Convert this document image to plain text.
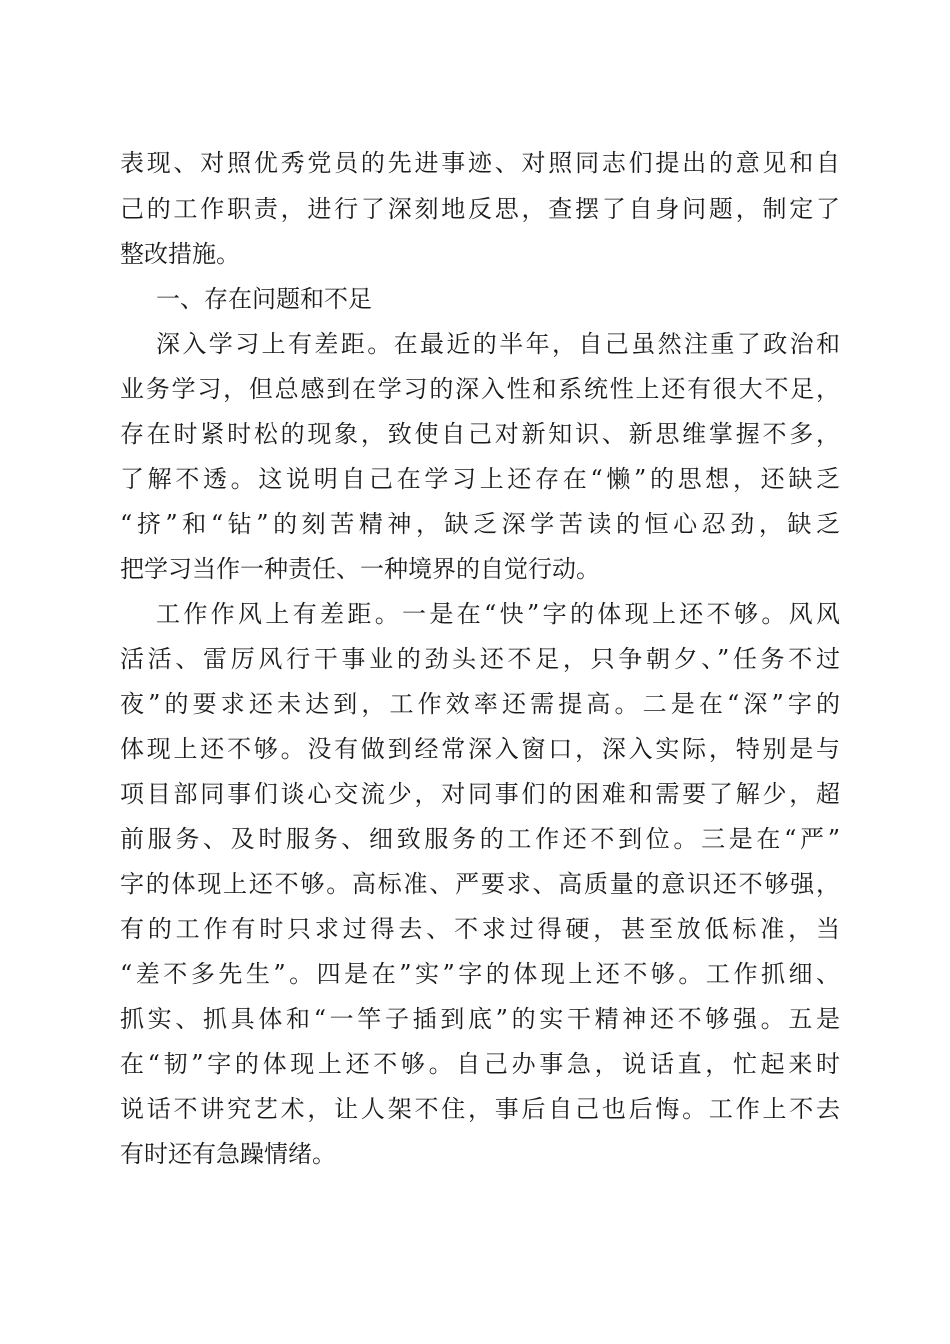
表现、对照优秀党员的先进事迹、对照同志们提出的意见和自
己的工作职责，进行了深刻地反思，查摆了自身问题，制定了
整改措施。
一、存在问题和不足
深入学习上有差距。在最近的半年，自己虽然注重了政治和
业务学习，但总感到在学习的深入性和系统性上还有很大不足，
存在时紧时松的现象，致使自己对新知识、新思维掌握不多，
了解不透。这说明自己在学习上还存在“懒”的思想，还缺乏
“挤”和“钻”的刻苦精神，缺乏深学苦读的恒心忍劲，缺乏
把学习当作一种责任、一种境界的自觉行动。
工作作风上有差距。一是在“快”字的体现上还不够。风风
活活、雷厉风行干事业的劲头还不足，只争朝夕、”任务不过
夜”的要求还未达到，工作效率还需提高。二是在“深”字的
体现上还不够。没有做到经常深入窗口，深入实际，特别是与
项目部同事们谈心交流少，对同事们的困难和需要了解少，超
前服务、及时服务、细致服务的工作还不到位。三是在“严”
字的体现上还不够。高标准、严要求、高质量的意识还不够强，
有的工作有时只求过得去、不求过得硬，甚至放低标准，当
“差不多先生”。四是在”实”字的体现上还不够。工作抓细、
抓实、抓具体和“一竿子插到底”的实干精神还不够强。五是
在“韧”字的体现上还不够。自己办事急，说话直，忙起来时
说话不讲究艺术，让人架不住，事后自己也后悔。工作上不去
有时还有急躁情绪。
